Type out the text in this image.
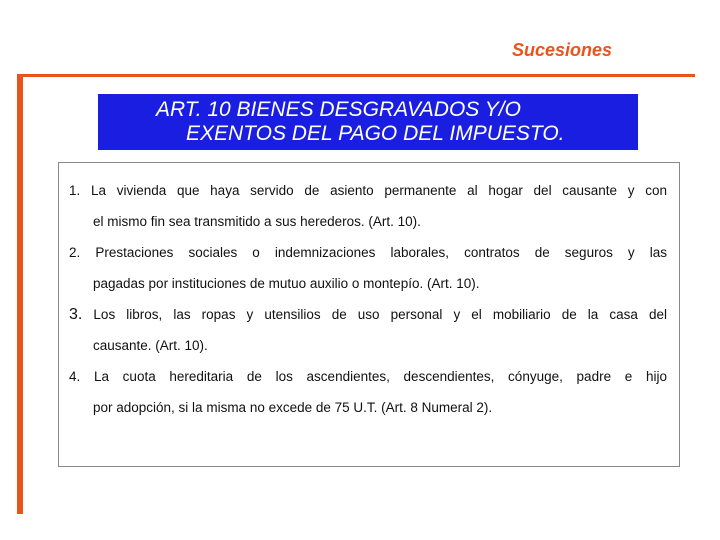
Sucesiones
ART. 10 BIENES DESGRAVADOS Y/O
EXENTOS DEL PAGO DEL IMPUESTO.

1. La vivienda que haya servido de asiento permanente al hogar del causante y con
el mismo fin sea transmitido a sus herederos. (Art. 10).

2. Prestaciones sociales o indemnizaciones laborales, contratos de seguros y las
pagadas por instituciones de mutuo auxilio o montepío. (Art. 10).

3. Los libros, las ropas y utensilios de uso personal y el mobiliario de la casa del
causante. (Art. 10).

4. La cuota hereditaria de los ascendientes, descendientes, cónyuge, padre e hijo
por adopción, si la misma no excede de 75 U.T. (Art. 8 Numeral 2).
